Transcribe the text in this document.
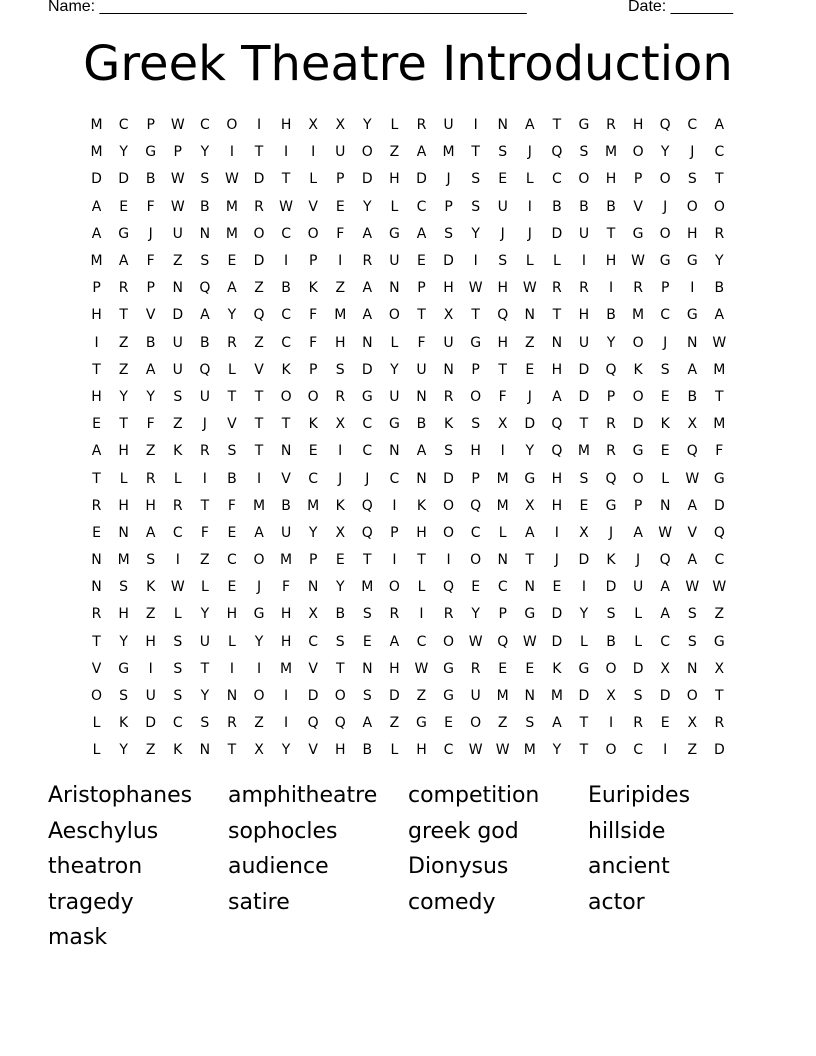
Name: ________________________________________________	Date: _______
Greek Theatre Introduction
M	C	P	W	C	O	I	H	X	X	Y	L	R	U	I	N	A	T	G	R	H	Q	C	A
M	Y	G	P	Y	I	T	I	I	U	O	Z	A	M	T	S	J	Q	S	M	O	Y	J	C
D	D	B	W	S	W	D	T	L	P	D	H	D	J	S	E	L	C	O	H	P	O	S	T
A	E	F	W	B	M	R	W	V	E	Y	L	C	P	S	U	I	B	B	B	V	J	O	O
A	G	J	U	N	M	O	C	O	F	A	G	A	S	Y	J	J	D	U	T	G	O	H	R
M	A	F	Z	S	E	D	I	P	I	R	U	E	D	I	S	L	L	I	H	W	G	G	Y
P	R	P	N	Q	A	Z	B	K	Z	A	N	P	H	W	H	W	R	R	I	R	P	I	B
H	T	V	D	A	Y	Q	C	F	M	A	O	T	X	T	Q	N	T	H	B	M	C	G	A
I	Z	B	U	B	R	Z	C	F	H	N	L	F	U	G	H	Z	N	U	Y	O	J	N	W
T	Z	A	U	Q	L	V	K	P	S	D	Y	U	N	P	T	E	H	D	Q	K	S	A	M
H	Y	Y	S	U	T	T	O	O	R	G	U	N	R	O	F	J	A	D	P	O	E	B	T
E	T	F	Z	J	V	T	T	K	X	C	G	B	K	S	X	D	Q	T	R	D	K	X	M
A	H	Z	K	R	S	T	N	E	I	C	N	A	S	H	I	Y	Q	M	R	G	E	Q	F
T	L	R	L	I	B	I	V	C	J	J	C	N	D	P	M	G	H	S	Q	O	L	W	G
R	H	H	R	T	F	M	B	M	K	Q	I	K	O	Q	M	X	H	E	G	P	N	A	D
E	N	A	C	F	E	A	U	Y	X	Q	P	H	O	C	L	A	I	X	J	A	W	V	Q
N	M	S	I	Z	C	O	M	P	E	T	I	T	I	O	N	T	J	D	K	J	Q	A	C
N	S	K	W	L	E	J	F	N	Y	M	O	L	Q	E	C	N	E	I	D	U	A	W W
R	H	Z	L	Y	H	G	H	X	B	S	R	I	R	Y	P	G	D	Y	S	L	A	S	Z
T	Y	H	S	U	L	Y	H	C	S	E	A	C	O	W	Q	W	D	L	B	L	C	S	G
V	G	I	S	T	I	I	M	V	T	N	H	W	G	R	E	E	K	G	O	D	X	N	X
O	S	U	S	Y	N	O	I	D	O	S	D	Z	G	U	M	N	M	D	X	S	D	O	T
L	K	D	C	S	R	Z	I	Q	Q	A	Z	G	E	O	Z	S	A	T	I	R	E	X	R
L	Y	Z	K	N	T	X	Y	V	H	B	L	H	C	W W	M	Y	T	O	C	I	Z	D
Aristophanes	amphitheatre	competition	Euripides
Aeschylus	sophocles	greek god	hillside
theatron	audience	Dionysus	ancient
tragedy	satire	comedy	actor
mask
